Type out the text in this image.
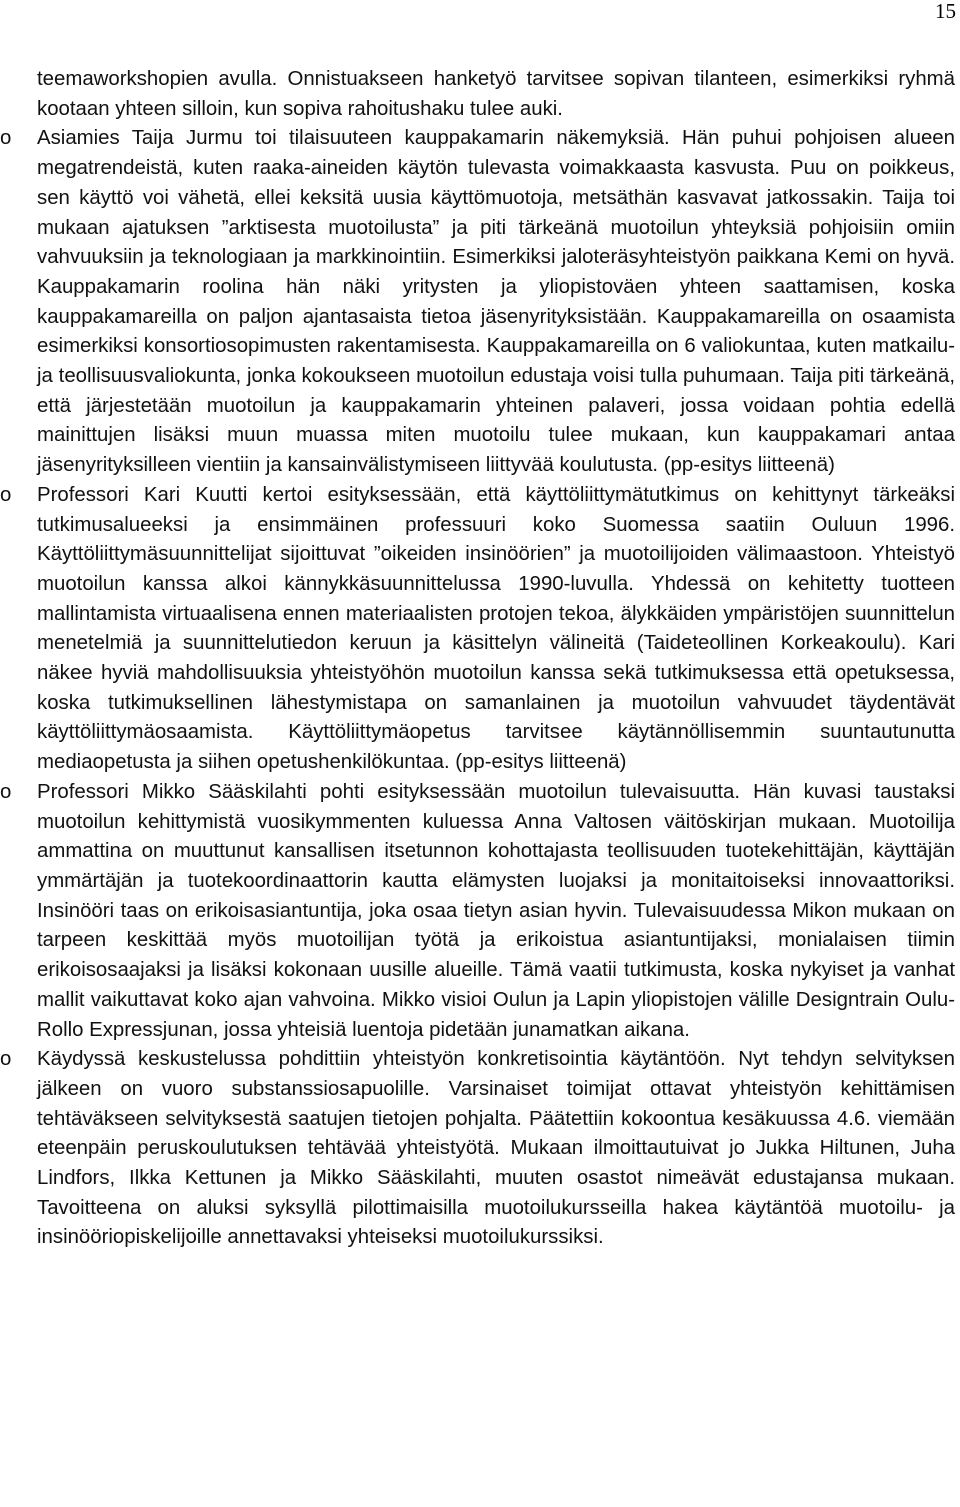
15

teemaworkshopien avulla. Onnistuakseen hanketyö tarvitsee sopivan tilanteen, esimerkiksi ryhmä kootaan yhteen silloin, kun sopiva rahoitushaku tulee auki.

o	Asiamies Taija Jurmu toi tilaisuuteen kauppakamarin näkemyksiä. Hän puhui pohjoisen alueen megatrendeistä, kuten raaka-aineiden käytön tulevasta voimakkaasta kasvusta. Puu on poikkeus, sen käyttö voi vähetä, ellei keksitä uusia käyttömuotoja, metsäthän kasvavat jatkossakin. Taija toi mukaan ajatuksen ”arktisesta muotoilusta” ja piti tärkeänä muotoilun yhteyksiä pohjoisiin omiin vahvuuksiin ja teknologiaan ja markkinointiin. Esimerkiksi jaloteräsyhteistyön paikkana Kemi on hyvä. Kauppakamarin roolina hän näki yritysten ja yliopistoväen yhteen saattamisen, koska kauppakamareilla on paljon ajantasaista tietoa jäsenyrityksistään. Kauppakamareilla on osaamista esimerkiksi konsortiosopimusten rakentamisesta. Kauppakamareilla on 6 valiokuntaa, kuten matkailu- ja teollisuusvaliokunta, jonka kokoukseen muotoilun edustaja voisi tulla puhumaan. Taija piti tärkeänä, että järjestetään muotoilun ja kauppakamarin yhteinen palaveri, jossa voidaan pohtia edellä mainittujen lisäksi muun muassa miten muotoilu tulee mukaan, kun kauppakamari antaa jäsenyrityksilleen vientiin ja kansainvälistymiseen liittyvää koulutusta. (pp-esitys liitteenä)

o	Professori Kari Kuutti kertoi esityksessään, että käyttöliittymätutkimus on kehittynyt tärkeäksi tutkimusalueeksi ja ensimmäinen professuuri koko Suomessa saatiin Ouluun 1996. Käyttöliittymäsuunnittelijat sijoittuvat ”oikeiden insinöörien” ja muotoilijoiden välimaastoon. Yhteistyö muotoilun kanssa alkoi kännykkäsuunnittelussa 1990-luvulla. Yhdessä on kehitetty tuotteen mallintamista virtuaalisena ennen materiaalisten protojen tekoa, älykkäiden ympäristöjen suunnittelun menetelmiä ja suunnittelutiedon keruun ja käsittelyn välineitä (Taideteollinen Korkeakoulu). Kari näkee hyviä mahdollisuuksia yhteistyöhön muotoilun kanssa sekä tutkimuksessa että opetuksessa, koska tutkimuksellinen lähestymistapa on samanlainen ja muotoilun vahvuudet täydentävät käyttöliittymäosaamista. Käyttöliittymäopetus tarvitsee käytännöllisemmin suuntautunutta mediaopetusta ja siihen opetushenkilökuntaa. (pp-esitys liitteenä)

o	Professori Mikko Sääskilahti pohti esityksessään muotoilun tulevaisuutta. Hän kuvasi taustaksi muotoilun kehittymistä vuosikymmenten kuluessa Anna Valtosen väitöskirjan mukaan. Muotoilija ammattina on muuttunut kansallisen itsetunnon kohottajasta teollisuuden tuotekehittäjän, käyttäjän ymmärtäjän ja tuotekoordinaattorin kautta elämysten luojaksi ja monitaitoiseksi innovaattoriksi. Insinööri taas on erikoisasiantuntija, joka osaa tietyn asian hyvin. Tulevaisuudessa Mikon mukaan on tarpeen keskittää myös muotoilijan työtä ja erikoistua asiantuntijaksi, monialaisen tiimin erikoisosaajaksi ja lisäksi kokonaan uusille alueille. Tämä vaatii tutkimusta, koska nykyiset ja vanhat mallit vaikuttavat koko ajan vahvoina. Mikko visioi Oulun ja Lapin yliopistojen välille Designtrain Oulu-Rollo Expressjunan, jossa yhteisiä luentoja pidetään junamatkan aikana.

o	Käydyssä keskustelussa pohdittiin yhteistyön konkretisointia käytäntöön. Nyt tehdyn selvityksen jälkeen on vuoro substanssiosapuolille. Varsinaiset toimijat ottavat yhteistyön kehittämisen tehtäväkseen selvityksestä saatujen tietojen pohjalta. Päätettiin kokoontua kesäkuussa 4.6. viemään eteenpäin peruskoulutuksen tehtävää yhteistyötä. Mukaan ilmoittautuivat jo Jukka Hiltunen, Juha Lindfors, Ilkka Kettunen ja Mikko Sääskilahti, muuten osastot nimeävät edustajansa mukaan. Tavoitteena on aluksi syksyllä pilottimaisilla muotoilukursseilla hakea käytäntöä muotoilu- ja insinööriopiskelijoille annettavaksi yhteiseksi muotoilukurssiksi.
